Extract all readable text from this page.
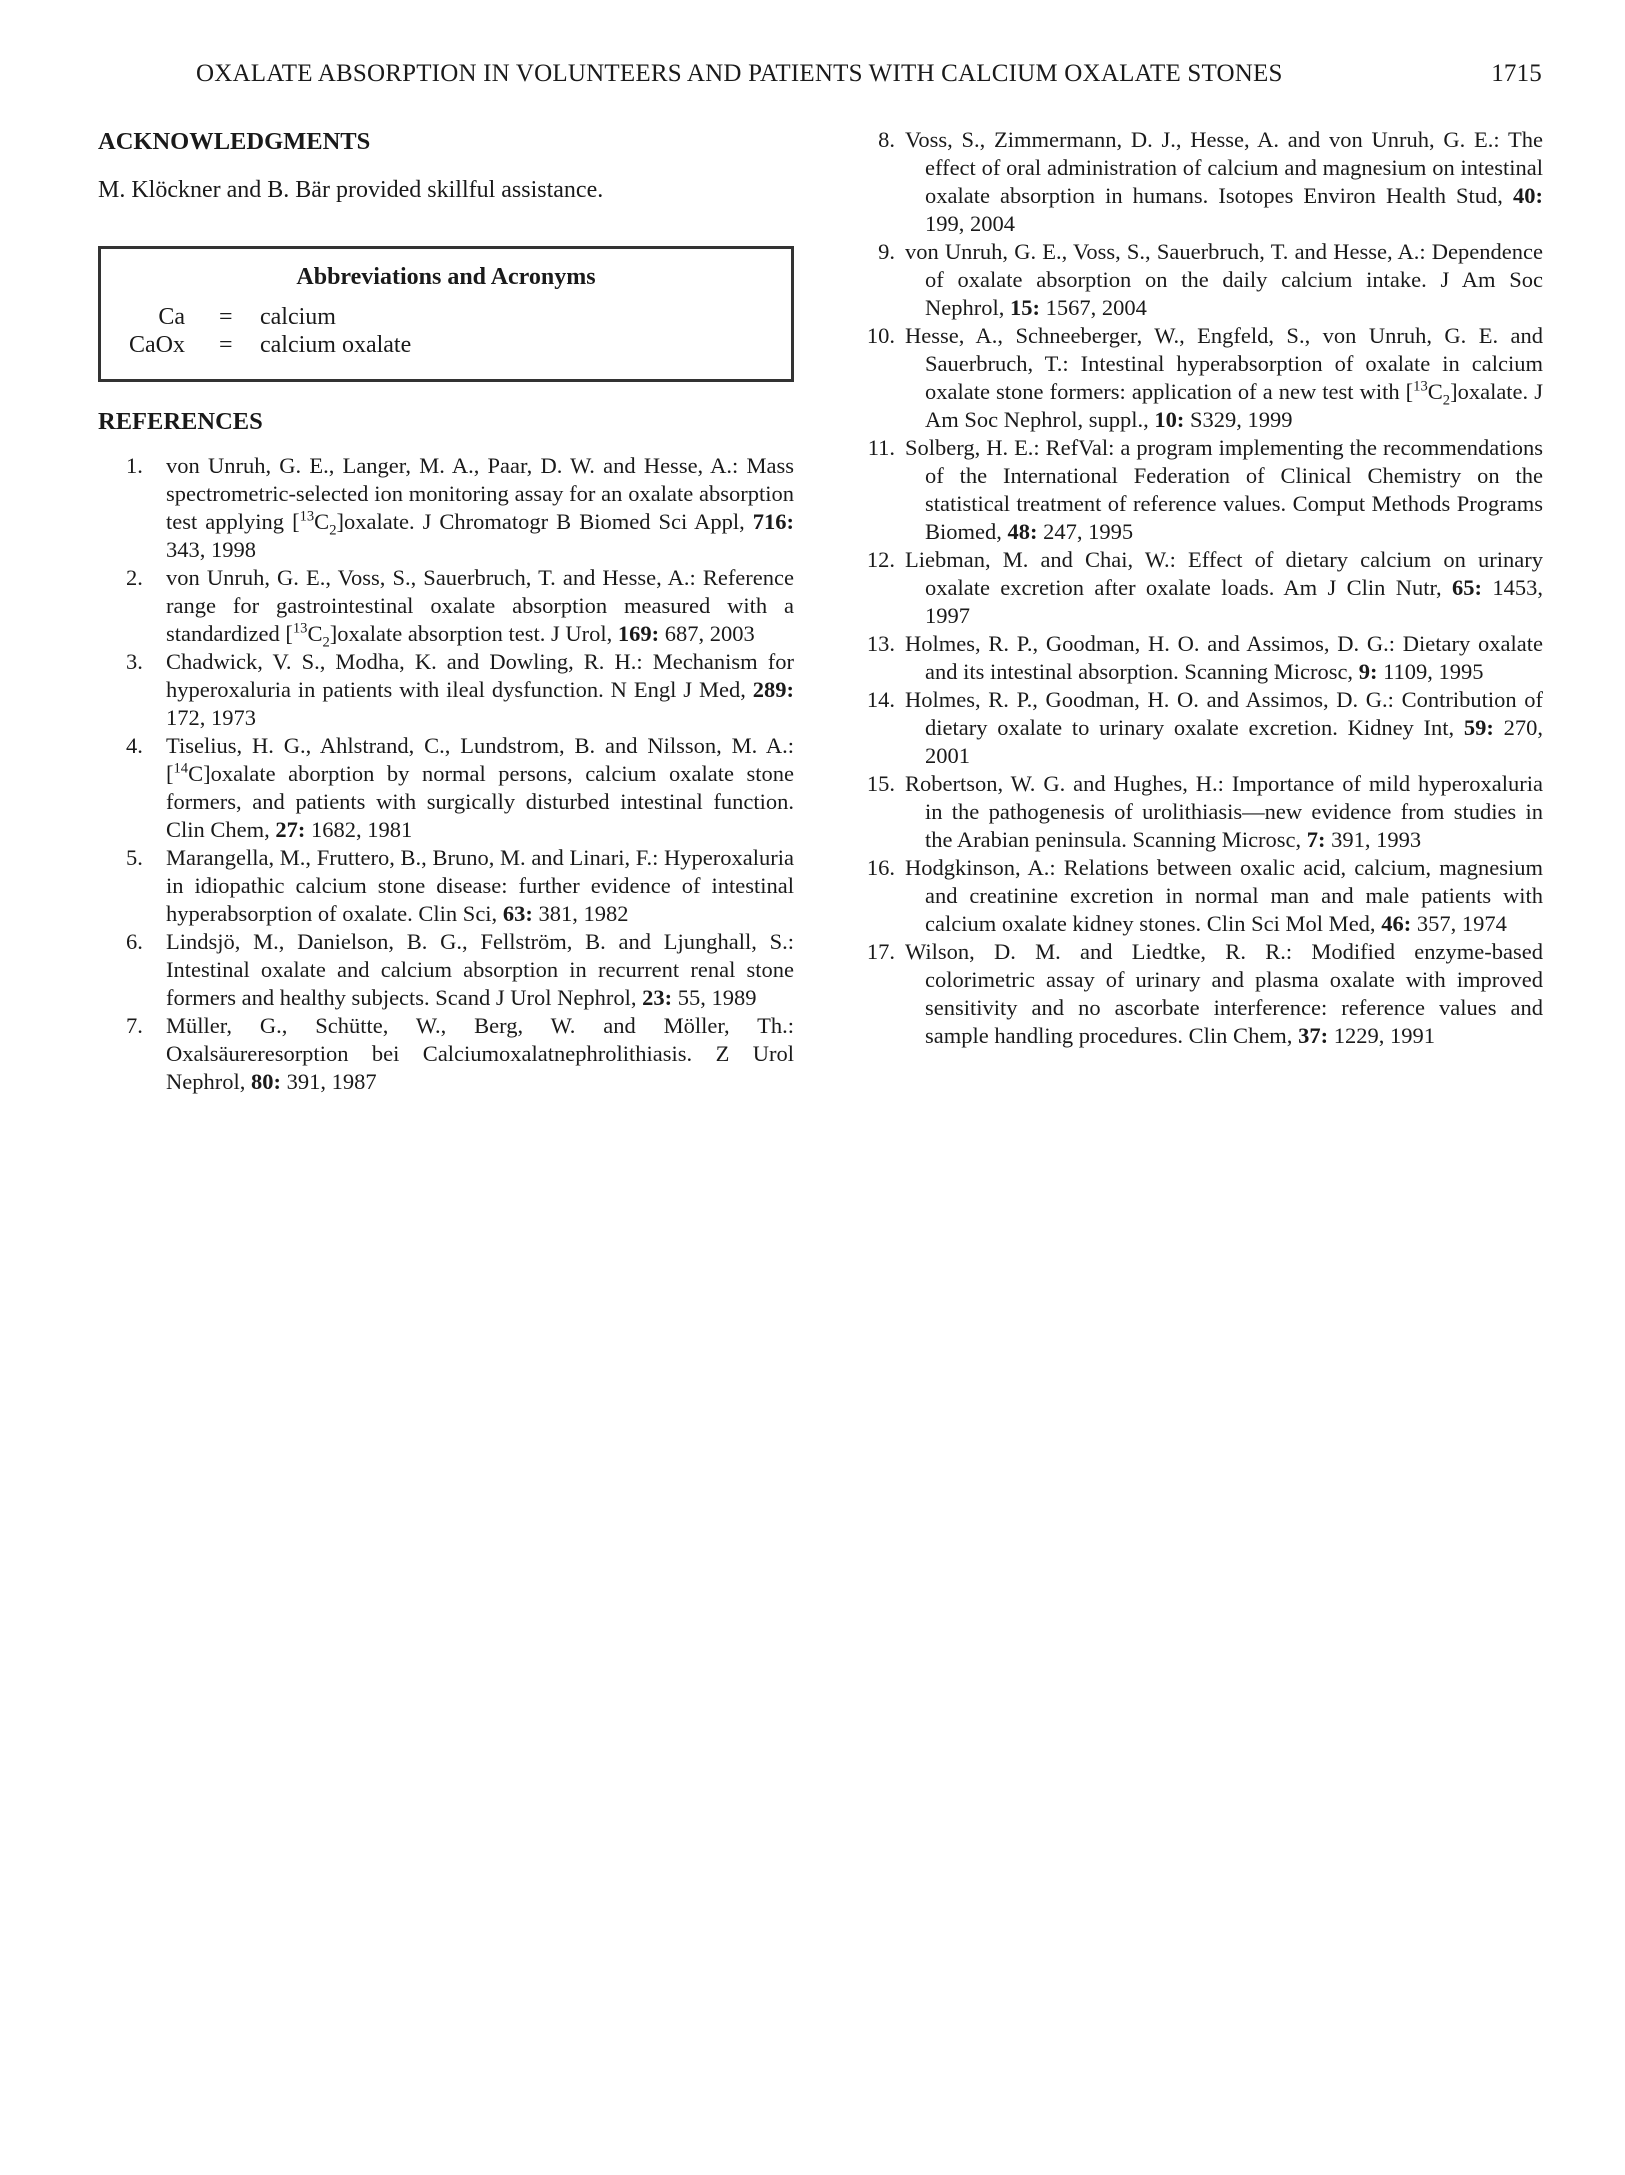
OXALATE ABSORPTION IN VOLUNTEERS AND PATIENTS WITH CALCIUM OXALATE STONES	1715
ACKNOWLEDGMENTS

M. Klöckner and B. Bär provided skillful assistance.

Abbreviations and Acronyms
Ca = calcium
CaOx = calcium oxalate
REFERENCES
1. von Unruh, G. E., Langer, M. A., Paar, D. W. and Hesse, A.: Mass spectrometric-selected ion monitoring assay for an oxalate absorption test applying $[^{13}C_2]oxalate$. J Chromatogr B Biomed Sci Appl, 716: 343, 1998
2. von Unruh, G. E., Voss, S., Sauerbruch, T. and Hesse, A.: Reference range for gastrointestinal oxalate absorption measured with a standardized $[^{13}C_2]oxalate$ absorption test. J Urol, 169: 687, 2003
3. Chadwick, V. S., Modha, K. and Dowling, R. H.: Mechanism for hyperoxaluria in patients with ileal dysfunction. N Engl J Med, 289: 172, 1973
4. Tiselius, H. G., Ahlstrand, C., Lundstrom, B. and Nilsson, M. A.: [$^{14}$C]oxalate aborption by normal persons, calcium oxalate stone formers, and patients with surgically disturbed intestinal function. Clin Chem, 27: 1682, 1981
5. Marangella, M., Fruttero, B., Bruno, M. and Linari, F.: Hyperoxaluria in idiopathic calcium stone disease: further evidence of intestinal hyperabsorption of oxalate. Clin Sci, 63: 381, 1982
6. Lindsjö, M., Danielson, B. G., Fellström, B. and Ljunghall, S.: Intestinal oxalate and calcium absorption in recurrent renal stone formers and healthy subjects. Scand J Urol Nephrol, 23: 55, 1989
7. Müller, G., Schütte, W., Berg, W. and Möller, Th.: Oxalsäureresorption bei Calciumoxalatnephrolithiasis. Z Urol Nephrol, 80: 391, 1987
8. Voss, S., Zimmermann, D. J., Hesse, A. and von Unruh, G. E.: The effect of oral administration of calcium and magnesium on intestinal oxalate absorption in humans. Isotopes Environ Health Stud, 40: 199, 2004
9. von Unruh, G. E., Voss, S., Sauerbruch, T. and Hesse, A.: Dependence of oxalate absorption on the daily calcium intake. J Am Soc Nephrol, 15: 1567, 2004
10. Hesse, A., Schneeberger, W., Engfeld, S., von Unruh, G. E. and Sauerbruch, T.: Intestinal hyperabsorption of oxalate in calcium oxalate stone formers: application of a new test with $[^{13}C_2]oxalate$. J Am Soc Nephrol, suppl., 10: S329, 1999
11. Solberg, H. E.: RefVal: a program implementing the recommendations of the International Federation of Clinical Chemistry on the statistical treatment of reference values. Comput Methods Programs Biomed, 48: 247, 1995
12. Liebman, M. and Chai, W.: Effect of dietary calcium on urinary oxalate excretion after oxalate loads. Am J Clin Nutr, 65: 1453, 1997
13. Holmes, R. P., Goodman, H. O. and Assimos, D. G.: Dietary oxalate and its intestinal absorption. Scanning Microsc, 9: 1109, 1995
14. Holmes, R. P., Goodman, H. O. and Assimos, D. G.: Contribution of dietary oxalate to urinary oxalate excretion. Kidney Int, 59: 270, 2001
15. Robertson, W. G. and Hughes, H.: Importance of mild hyperoxaluria in the pathogenesis of urolithiasis—new evidence from studies in the Arabian peninsula. Scanning Microsc, 7: 391, 1993
16. Hodgkinson, A.: Relations between oxalic acid, calcium, magnesium and creatinine excretion in normal man and male patients with calcium oxalate kidney stones. Clin Sci Mol Med, 46: 357, 1974
17. Wilson, D. M. and Liedtke, R. R.: Modified enzyme-based colorimetric assay of urinary and plasma oxalate with improved sensitivity and no ascorbate interference: reference values and sample handling procedures. Clin Chem, 37: 1229, 1991
